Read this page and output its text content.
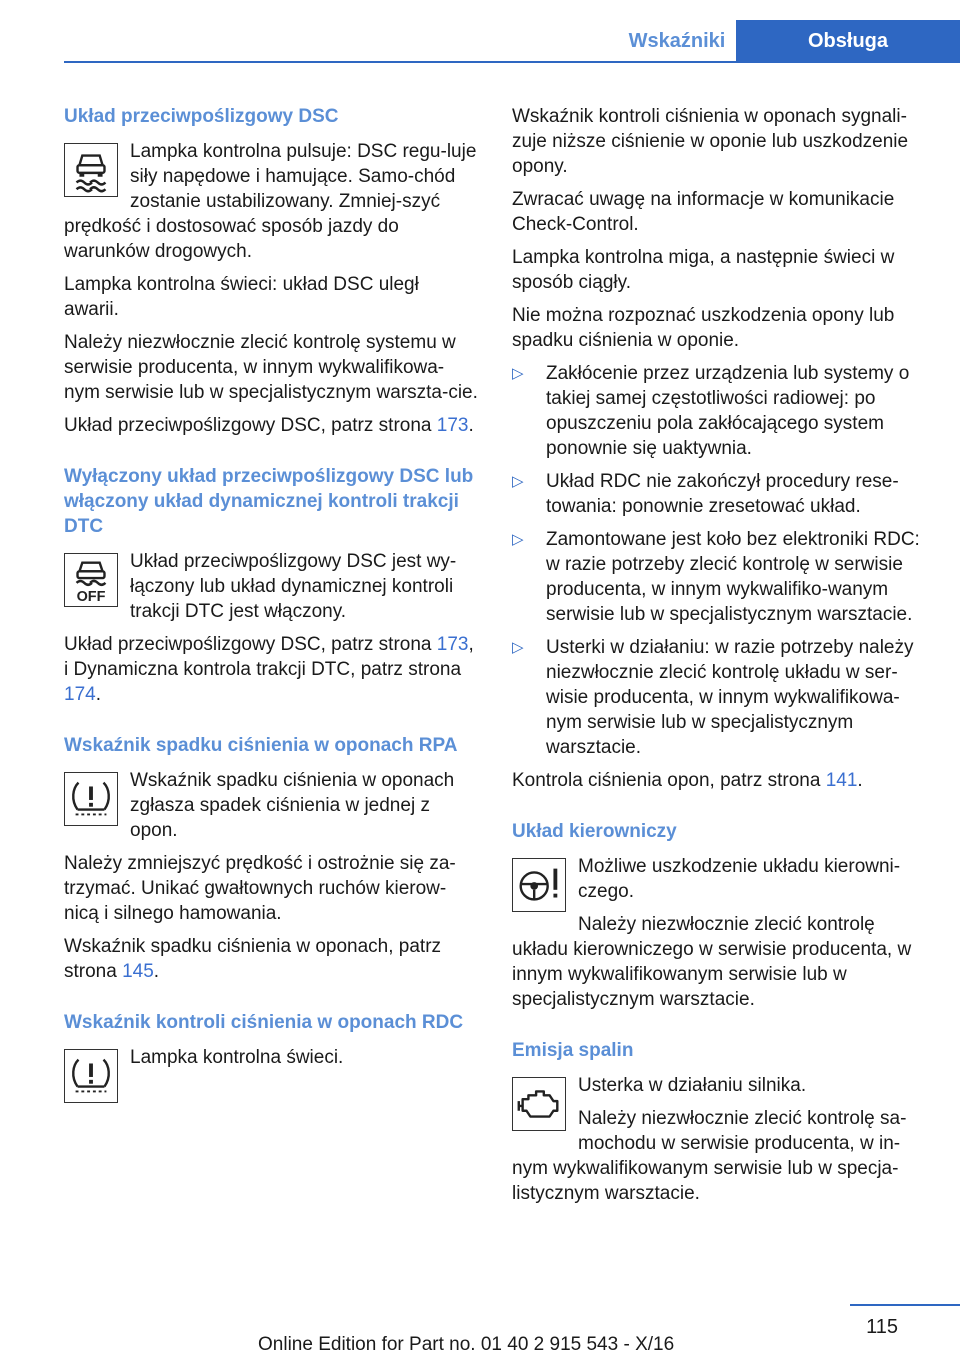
Wskaźniki	Obsługa
Układ przeciwpoślizgowy DSC

Lampka kontrolna pulsuje: DSC regu-luje siły napędowe i hamujące. Samo-chód zostanie ustabilizowany. Zmniej-szyć prędkość i dostosować sposób jazdy do warunków drogowych.

Lampka kontrolna świeci: układ DSC uległ awarii.

Należy niezwłocznie zlecić kontrolę systemu w serwisie producenta, w innym wykwalifikowa-nym serwisie lub w specjalistycznym warszta-cie.

Układ przeciwpoślizgowy DSC, patrz strona 173.

Wyłączony układ przeciwpoślizgowy DSC lub włączony układ dynamicznej kontroli trakcji DTC
OFF

Układ przeciwpoślizgowy DSC jest wy-łączony lub układ dynamicznej kontroli trakcji DTC jest włączony.

Układ przeciwpoślizgowy DSC, patrz strona 173, i Dynamiczna kontrola trakcji DTC, patrz strona 174.

Wskaźnik spadku ciśnienia w oponach RPA

Wskaźnik spadku ciśnienia w oponach zgłasza spadek ciśnienia w jednej z opon.

Należy zmniejszyć prędkość i ostrożnie się za-trzymać. Unikać gwałtownych ruchów kierow-nicą i silnego hamowania.

Wskaźnik spadku ciśnienia w oponach, patrz strona 145.

Wskaźnik kontroli ciśnienia w oponach RDC

Lampka kontrolna świeci.

Wskaźnik kontroli ciśnienia w oponach sygnali-zuje niższe ciśnienie w oponie lub uszkodzenie opony.

Zwracać uwagę na informacje w komunikacie Check-Control.

Lampka kontrolna miga, a następnie świeci w sposób ciągły.

Nie można rozpoznać uszkodzenia opony lub spadku ciśnienia w oponie.

▷ Zakłócenie przez urządzenia lub systemy o takiej samej częstotliwości radiowej: po opuszczeniu pola zakłócającego system ponownie się uaktywnia.
▷ Układ RDC nie zakończył procedury rese-towania: ponownie zresetować układ.
▷ Zamontowane jest koło bez elektroniki RDC: w razie potrzeby zlecić kontrolę w serwisie producenta, w innym wykwalifiko-wanym serwisie lub w specjalistycznym warsztacie.
▷ Usterki w działaniu: w razie potrzeby należy niezwłocznie zlecić kontrolę układu w ser-wisie producenta, w innym wykwalifikowa-nym serwisie lub w specjalistycznym warsztacie.

Kontrola ciśnienia opon, patrz strona 141.

Układ kierowniczy

Możliwe uszkodzenie układu kierowni-czego.

Należy niezwłocznie zlecić kontrolę układu kierowniczego w serwisie producenta, w innym wykwalifikowanym serwisie lub w specjalistycznym warsztacie.

Emisja spalin

Usterka w działaniu silnika.

Należy niezwłocznie zlecić kontrolę sa-mochodu w serwisie producenta, w in-nym wykwalifikowanym serwisie lub w specja-listycznym warsztacie.

115
Online Edition for Part no. 01 40 2 915 543 - X/16
